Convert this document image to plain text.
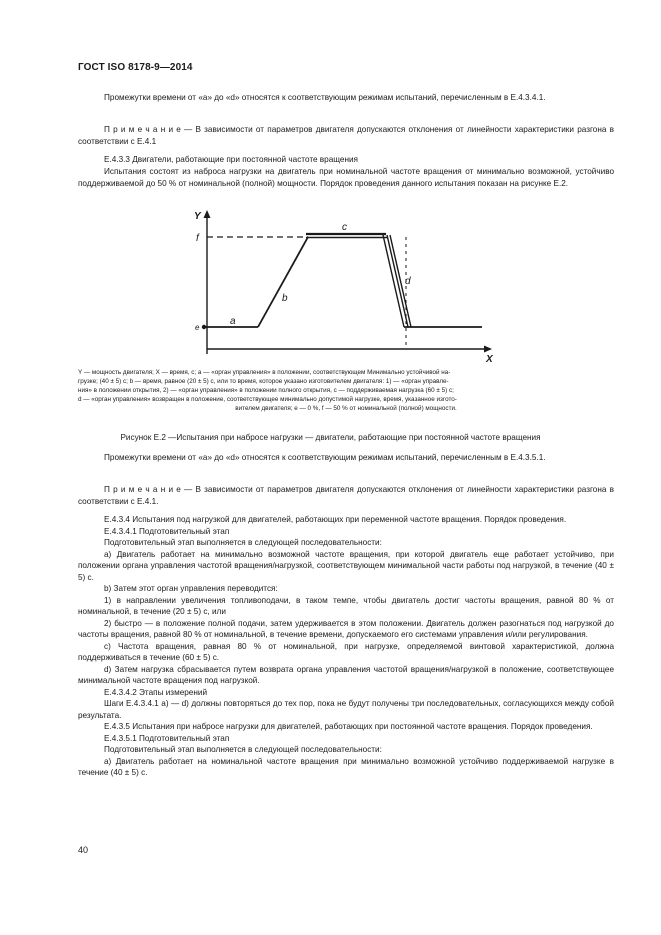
ГОСТ ISO 8178-9—2014

Промежутки времени от «a» до «d» относятся к соответствующим режимам испытаний, перечисленным в Е.4.3.4.1.

П р и м е ч а н и е — В зависимости от параметров двигателя допускаются отклонения от линейности характеристики разгона в соответствии с Е.4.1

Е.4.3.3 Двигатели, работающие при постоянной частоте вращения

Испытания состоят из наброса нагрузки на двигатель при номинальной частоте вращения от минимально возможной, устойчиво поддерживаемой до 50 % от номинальной (полной) мощности. Порядок проведения данного испытания показан на рисунке Е.2.

Y
f
e
a
b
c
d
X
Y — мощность двигателя; X — время, с; a — «орган управления» в положении, соответствующем Минимально устойчивой на-
грузке; (40 ± 5) с; b — время, равное (20 ± 5) с, или то время, которое указано изготовителем двигателя: 1) — «орган управле-
ния» в положении открытия, 2) — «орган управления» в положении полного открытия, c — поддерживаемая нагрузка (60 ± 5) с;
d — «орган управления» возвращен в положение, соответствующее минимально допустимой нагрузке, время, указанное изгото-
вителем двигателя; e — 0 %, f — 50 % от номинальной (полной) мощности.
Рисунок Е.2 —Испытания при набросе нагрузки — двигатели, работающие при постоянной частоте вращения

Промежутки времени от «a» до «d» относятся к соответствующим режимам испытаний, перечисленным в Е.4.3.5.1.

П р и м е ч а н и е — В зависимости от параметров двигателя допускаются отклонения от линейности характеристики разгона в соответствии с Е.4.1.

Е.4.3.4 Испытания под нагрузкой для двигателей, работающих при переменной частоте вращения. Порядок проведения.

Е.4.3.4.1 Подготовительный этап

Подготовительный этап выполняется в следующей последовательности:

a) Двигатель работает на минимально возможной частоте вращения, при которой двигатель еще работает устойчиво, при положении органа управления частотой вращения/нагрузкой, соответствующем минимальной части работы под нагрузкой, в течение (40 ± 5) с.

b) Затем этот орган управления переводится:

1) в направлении увеличения топливоподачи, в таком темпе, чтобы двигатель достиг частоты вращения, равной 80 % от номинальной, в течение (20 ± 5) с, или

2) быстро — в положение полной подачи, затем удерживается в этом положении. Двигатель должен разогнаться под нагрузкой до частоты вращения, равной 80 % от номинальной, в течение времени, допускаемого его системами управления и/или регулирования.

c) Частота вращения, равная 80 % от номинальной, при нагрузке, определяемой винтовой характеристикой, должна поддерживаться в течение (60 ± 5) с.

d) Затем нагрузка сбрасывается путем возврата органа управления частотой вращения/нагрузкой в положение, соответствующее минимальной частоте вращения под нагрузкой.

Е.4.3.4.2 Этапы измерений

Шаги Е.4.3.4.1 a) — d) должны повторяться до тех пор, пока не будут получены три последовательных, согласующихся между собой результата.

Е.4.3.5 Испытания при набросе нагрузки для двигателей, работающих при постоянной частоте вращения. Порядок проведения.

Е.4.3.5.1 Подготовительный этап

Подготовительный этап выполняется в следующей последовательности:

a) Двигатель работает на номинальной частоте вращения при минимально возможной устойчиво поддерживаемой нагрузке в течение (40 ± 5) с.

40
